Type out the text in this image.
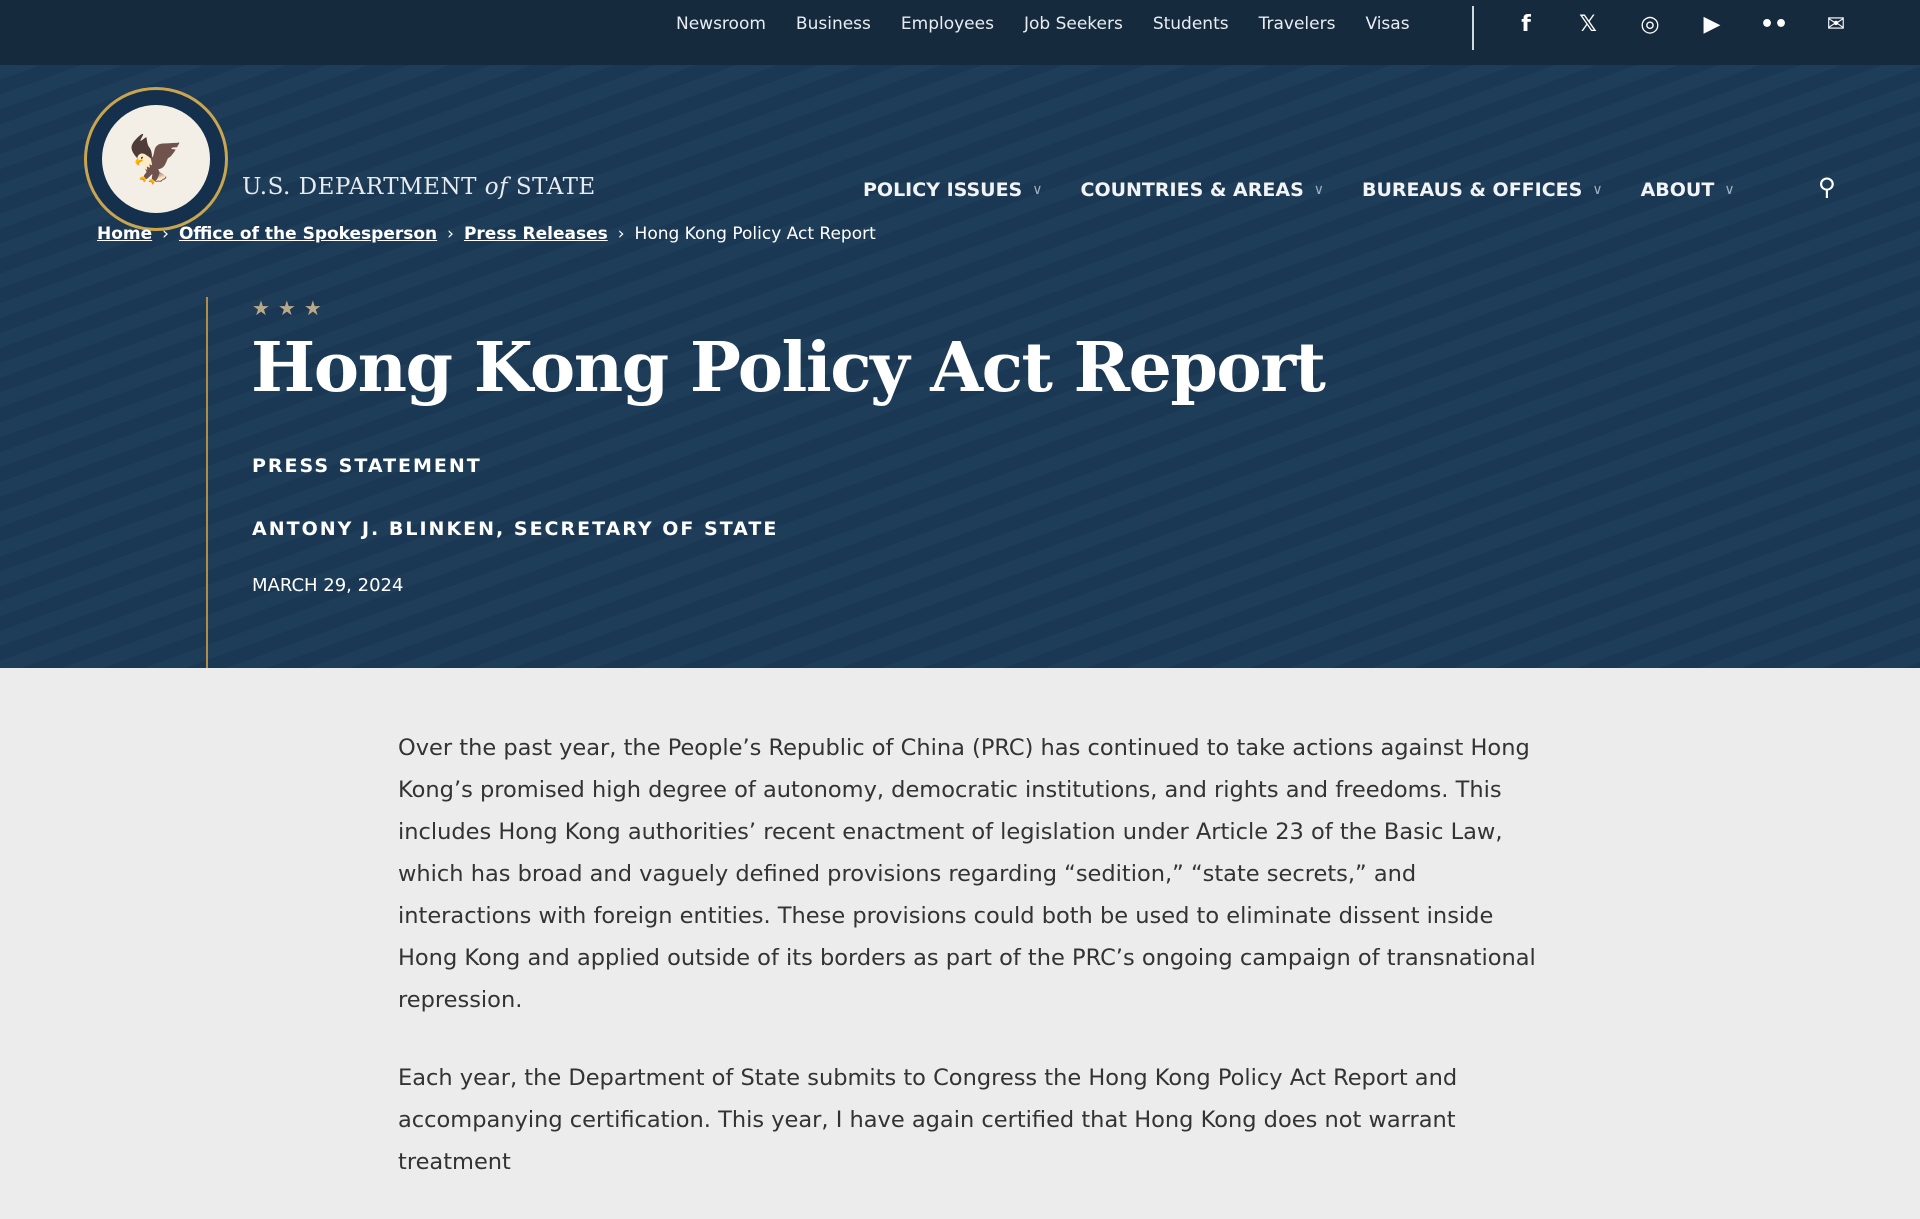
Newsroom Business Employees Job Seekers Students Travelers Visas	f	𝕏 ◎ ▶ •• ✉
🦅
U.S. DEPARTMENT of STATE	POLICY ISSUES ∨ COUNTRIES & AREAS ∨ BUREAUS & OFFICES ∨ ABOUT ∨	⚲
Home › Office of the Spokesperson › Press Releases › Hong Kong Policy Act Report
★★★
Hong Kong Policy Act Report
PRESS STATEMENT
ANTONY J. BLINKEN, SECRETARY OF STATE
MARCH 29, 2024

Over the past year, the People’s Republic of China (PRC) has continued to take actions against Hong Kong’s promised high degree of autonomy, democratic institutions, and rights and freedoms. This includes Hong Kong authorities’ recent enactment of legislation under Article 23 of the Basic Law, which has broad and vaguely defined provisions regarding “sedition,” “state secrets,” and interactions with foreign entities. These provisions could both be used to eliminate dissent inside Hong Kong and applied outside of its borders as part of the PRC’s ongoing campaign of transnational repression.

Each year, the Department of State submits to Congress the Hong Kong Policy Act Report and accompanying certification. This year, I have again certified that Hong Kong does not warrant treatment
